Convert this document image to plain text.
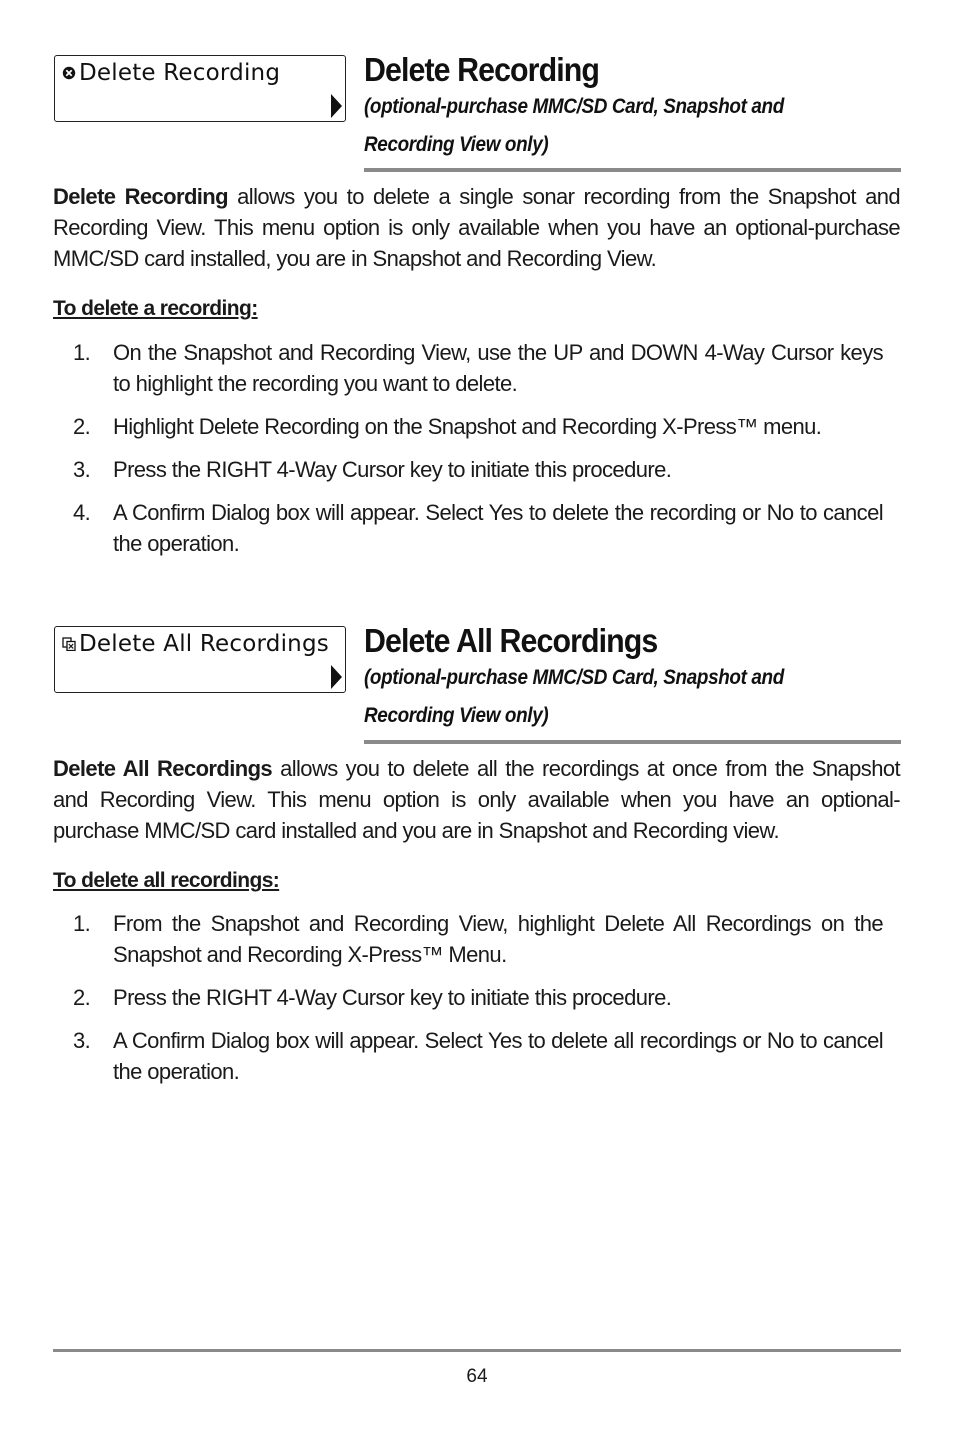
Delete Recording	Delete Recording
(optional-purchase MMC/SD Card, Snapshot and
Recording View only)
Delete Recording allows you to delete a single sonar recording from the Snapshot and Recording View. This menu option is only available when you have an optional-purchase MMC/SD card installed, you are in Snapshot and Recording View.
To delete a recording:
1. On the Snapshot and Recording View, use the UP and DOWN 4-Way Cursor keys to highlight the recording you want to delete.
2. Highlight Delete Recording on the Snapshot and Recording X-Press™ menu.
3. Press the RIGHT 4-Way Cursor key to initiate this procedure.
4. A Confirm Dialog box will appear. Select Yes to delete the recording or No to cancel the operation.
Delete All Recordings Delete All Recordings
(optional-purchase MMC/SD Card, Snapshot and
Recording View only)
Delete All Recordings allows you to delete all the recordings at once from the Snapshot and Recording View. This menu option is only available when you have an optional-purchase MMC/SD card installed and you are in Snapshot and Recording view.
To delete all recordings:
1. From the Snapshot and Recording View, highlight Delete All Recordings on the Snapshot and Recording X-Press™ Menu.
2. Press the RIGHT 4-Way Cursor key to initiate this procedure.
3. A Confirm Dialog box will appear. Select Yes to delete all recordings or No to cancel the operation.
64
